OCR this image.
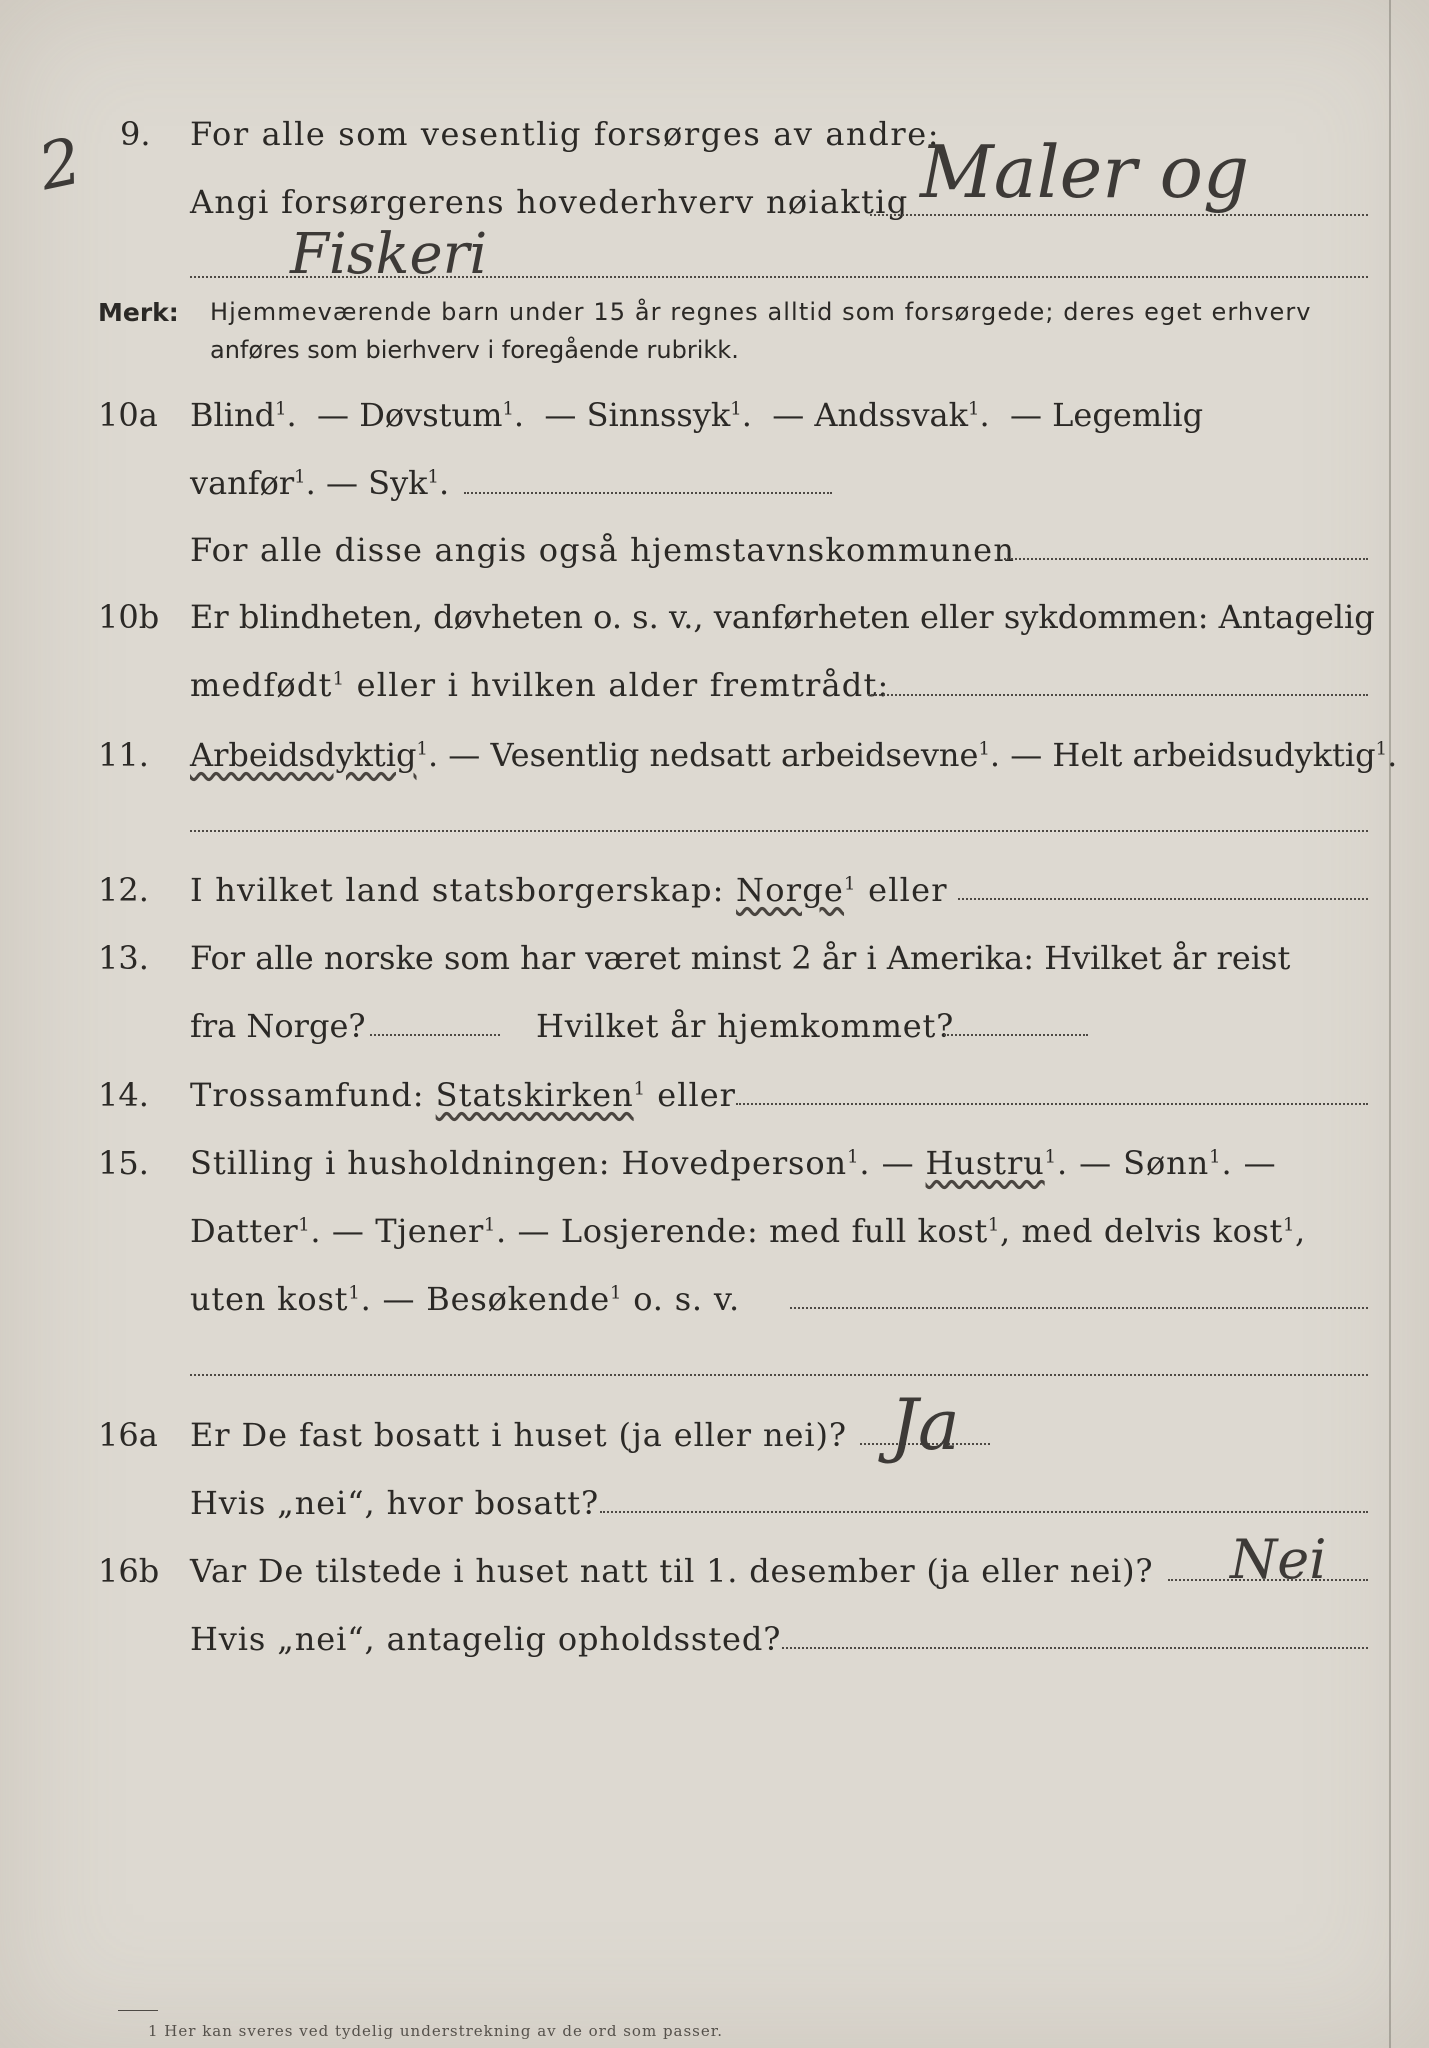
2 9. For alle som vesentlig forsørges av andre:
Angi forsørgerens hovederhverv nøiaktig Maler og
Fiskeri
Merk: Hjemmeværende barn under 15 år regnes alltid som forsørgede; deres eget erhverv
anføres som bierhverv i foregående rubrikk.
10a Blind$^1$.  — Døvstum$^1$.  — Sinnssyk$^1$.  — Andssvak$^1$.  — Legemlig
vanfør$^1$. — Syk$^1$.
For alle disse angis også hjemstavnskommunen
10b Er blindheten, døvheten o. s. v., vanførheten eller sykdommen: Antagelig
medfødt$^1$ eller i hvilken alder fremtrådt:
11. Arbeidsdyktig$^1$. — Vesentlig nedsatt arbeidsevne$^1$. — Helt arbeidsudyktig$^1$.
12. I hvilket land statsborgerskap: Norge$^1$ eller
13. For alle norske som har været minst 2 år i Amerika: Hvilket år reist
fra Norge?	Hvilket år hjemkommet?
14. Trossamfund: Statskirken$^1$ eller
15. Stilling i husholdningen: Hovedperson$^1$. — Hustru$^1$. — Sønn$^1$. —
Datter$^1$. — Tjener$^1$. — Losjerende: med full kost$^1$, med delvis kost$^1$,
uten kost$^1$. — Besøkende$^1$ o. s. v.
16a Er De fast bosatt i huset (ja eller nei)? Ja
Hvis „nei“, hvor bosatt?
16b Var De tilstede i huset natt til 1. desember (ja eller nei)? Nei
Hvis „nei“, antagelig opholdssted?
1 Her kan sveres ved tydelig understrekning av de ord som passer.
